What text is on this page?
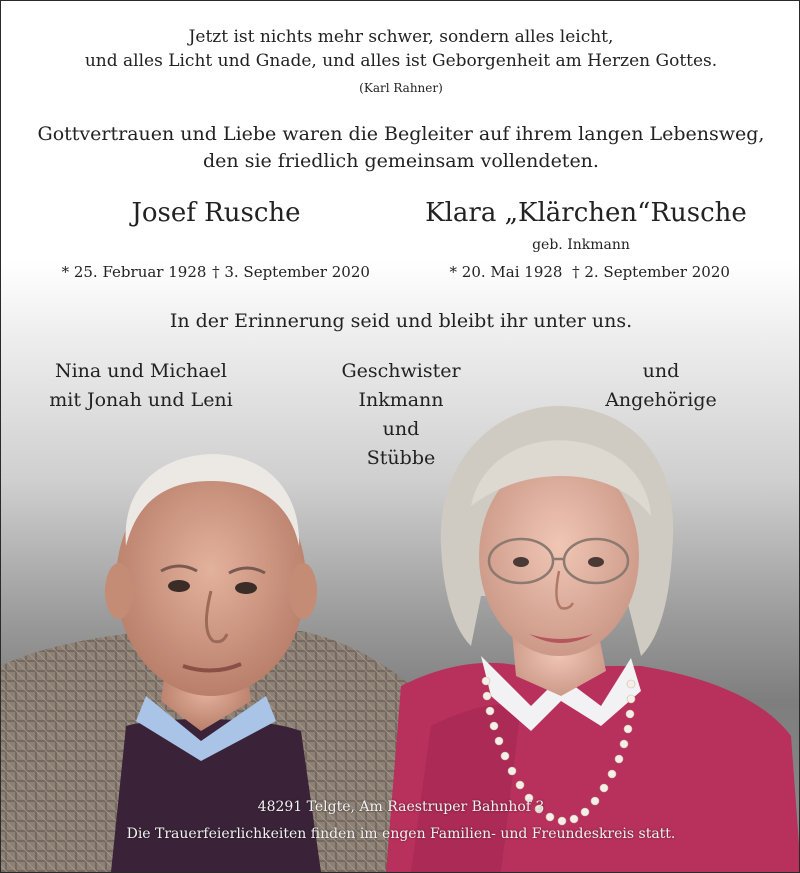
Jetzt ist nichts mehr schwer, sondern alles leicht,
und alles Licht und Gnade, und alles ist Geborgenheit am Herzen Gottes.
(Karl Rahner)
Gottvertrauen und Liebe waren die Begleiter auf ihrem langen Lebensweg,
den sie friedlich gemeinsam vollendeten.
Josef Rusche	Klara „Klärchen“Rusche
geb. Inkmann
* 25. Februar 1928 † 3. September 2020	* 20. Mai 1928 † 2. September 2020
In der Erinnerung seid und bleibt ihr unter uns.
Nina und Michael
mit Jonah und Leni
Geschwister
Inkmann
und
Stübbe
und
Angehörige
48291 Telgte, Am Raestruper Bahnhof 3
Die Trauerfeierlichkeiten finden im engen Familien- und Freundeskreis statt.
